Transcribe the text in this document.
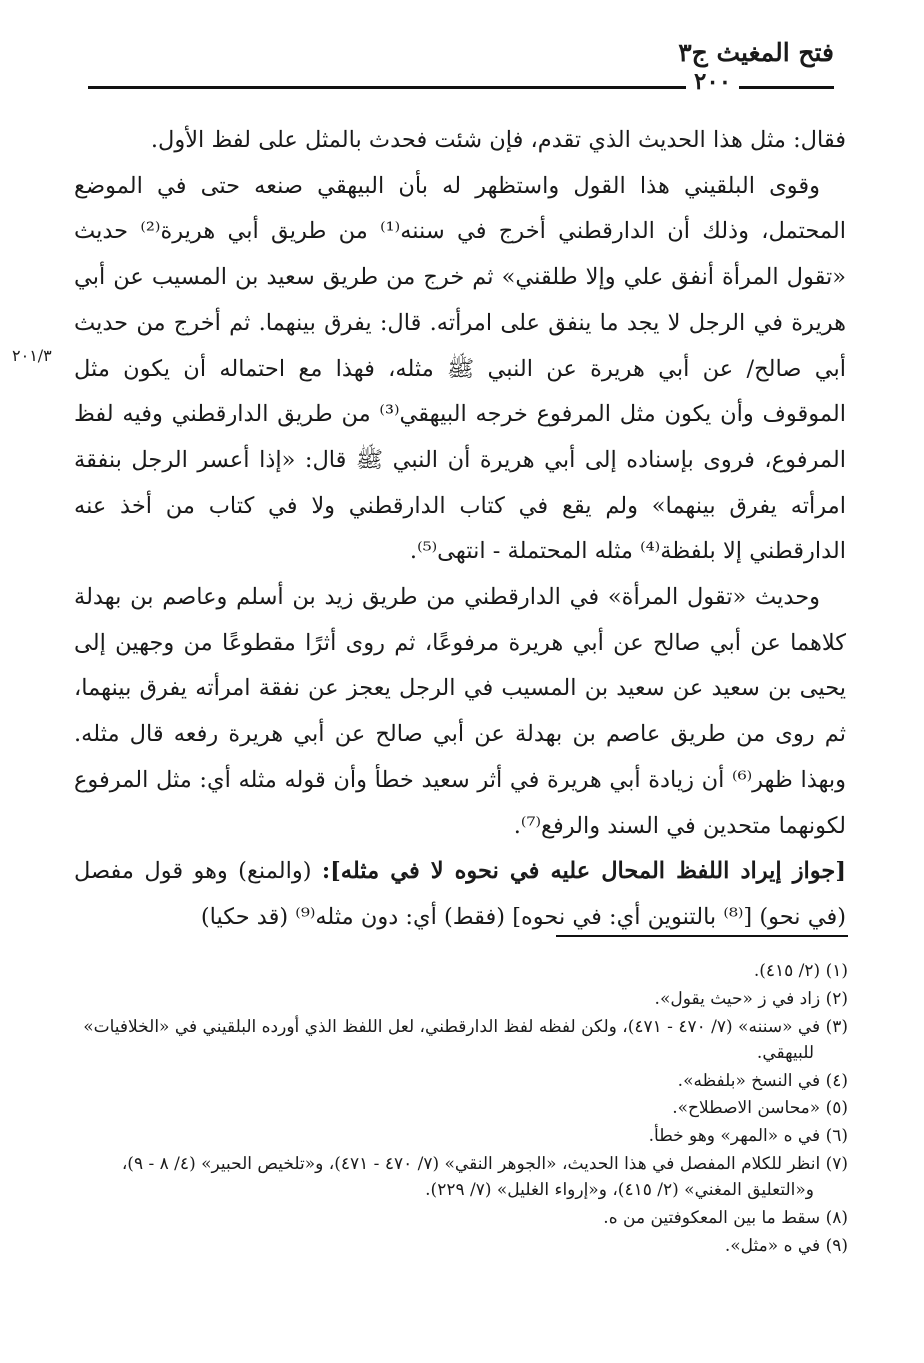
فتح المغيث ج٣
٢٠٠
٢٠١/٣

فقال: مثل هذا الحديث الذي تقدم، فإن شئت فحدث بالمثل على لفظ الأول.

وقوى البلقيني هذا القول واستظهر له بأن البيهقي صنعه حتى في الموضع المحتمل، وذلك أن الدارقطني أخرج في سننه⁽¹⁾ من طريق أبي هريرة⁽²⁾ حديث «تقول المرأة أنفق علي وإلا طلقني» ثم خرج من طريق سعيد بن المسيب عن أبي هريرة في الرجل لا يجد ما ينفق على امرأته. قال: يفرق بينهما. ثم أخرج من حديث أبي صالح/ عن أبي هريرة عن النبي ﷺ مثله، فهذا مع احتماله أن يكون مثل الموقوف وأن يكون مثل المرفوع خرجه البيهقي⁽³⁾ من طريق الدارقطني وفيه لفظ المرفوع، فروى بإسناده إلى أبي هريرة أن النبي ﷺ قال: «إذا أعسر الرجل بنفقة امرأته يفرق بينهما» ولم يقع في كتاب الدارقطني ولا في كتاب من أخذ عنه الدارقطني إلا بلفظة⁽⁴⁾ مثله المحتملة - انتهى⁽⁵⁾.

وحديث «تقول المرأة» في الدارقطني من طريق زيد بن أسلم وعاصم بن بهدلة كلاهما عن أبي صالح عن أبي هريرة مرفوعًا، ثم روى أثرًا مقطوعًا من وجهين إلى يحيى بن سعيد عن سعيد بن المسيب في الرجل يعجز عن نفقة امرأته يفرق بينهما، ثم روى من طريق عاصم بن بهدلة عن أبي صالح عن أبي هريرة رفعه قال مثله. وبهذا ظهر⁽⁶⁾ أن زيادة أبي هريرة في أثر سعيد خطأ وأن قوله مثله أي: مثل المرفوع لكونهما متحدين في السند والرفع⁽⁷⁾.

[جواز إيراد اللفظ المحال عليه في نحوه لا في مثله]: (والمنع) وهو قول مفصل (في نحو) [⁽⁸⁾ بالتنوين أي: في نحوه] (فقط) أي: دون مثله⁽⁹⁾ (قد حكيا)

(١) (٢/ ٤١٥).

(٢) زاد في ز «حيث يقول».

(٣) في «سننه» (٧/ ٤٧٠ - ٤٧١)، ولكن لفظه لفظ الدارقطني، لعل اللفظ الذي أورده البلقيني في «الخلافيات» للبيهقي.

(٤) في النسخ «بلفظه».

(٥) «محاسن الاصطلاح».

(٦) في ه «المهر» وهو خطأ.

(٧) انظر للكلام المفصل في هذا الحديث، «الجوهر النقي» (٧/ ٤٧٠ - ٤٧١)، و«تلخيص الحبير» (٤/ ٨ - ٩)، و«التعليق المغني» (٢/ ٤١٥)، و«إرواء الغليل» (٧/ ٢٢٩).

(٨) سقط ما بين المعكوفتين من ه.

(٩) في ه «مثل».
